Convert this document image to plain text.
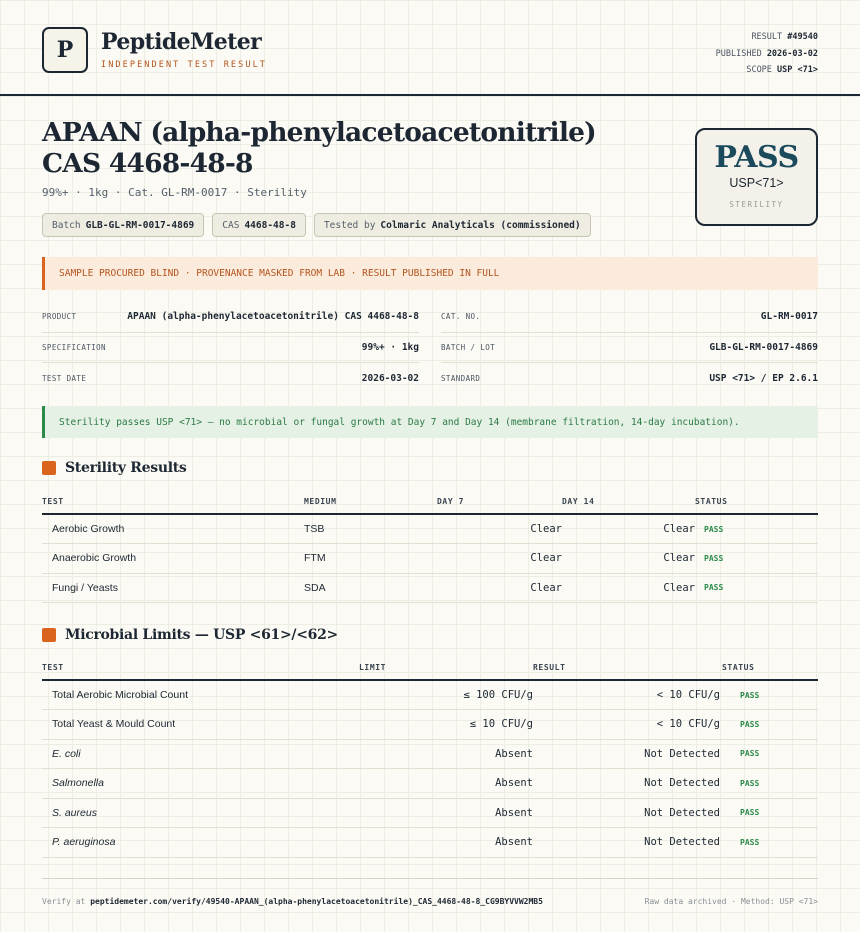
P	PeptideMeter
INDEPENDENT TEST RESULT
RESULT #49540
PUBLISHED 2026-03-02
SCOPE USP <71>
APAAN (alpha-phenylacetoacetonitrile) CAS 4468-48-8
99%+ · 1kg · Cat. GL-RM-0017 · Sterility
Batch GLB-GL-RM-0017-4869	CAS 4468-48-8	Tested by Colmaric Analyticals (commissioned)
PASS
USP<71>
STERILITY
SAMPLE PROCURED BLIND · PROVENANCE MASKED FROM LAB · RESULT PUBLISHED IN FULL
PRODUCT	APAAN (alpha-phenylacetoacetonitrile) CAS 4468-48-8
SPECIFICATION	99%+ · 1kg
TEST DATE	2026-03-02
CAT. NO.	GL-RM-0017
BATCH / LOT	GLB-GL-RM-0017-4869
STANDARD	USP <71> / EP 2.6.1
Sterility passes USP <71> — no microbial or fungal growth at Day 7 and Day 14 (membrane filtration, 14-day incubation).
Sterility Results
TEST	MEDIUM	DAY 7	DAY 14	STATUS
Aerobic Growth	TSB	Clear	Clear	PASS
Anaerobic Growth	FTM	Clear	Clear	PASS
Fungi / Yeasts	SDA	Clear	Clear	PASS
Microbial Limits — USP <61>/<62>
TEST	LIMIT	RESULT	STATUS
Total Aerobic Microbial Count	≤ 100 CFU/g	< 10 CFU/g	PASS
Total Yeast & Mould Count	≤ 10 CFU/g	< 10 CFU/g	PASS
E. coli	Absent	Not Detected	PASS
Salmonella	Absent	Not Detected	PASS
S. aureus	Absent	Not Detected	PASS
P. aeruginosa	Absent	Not Detected	PASS
Verify at peptidemeter.com/verify/49540-APAAN_(alpha-phenylacetoacetonitrile)_CAS_4468-48-8_CG9BYVVW2MB5	Raw data archived · Method: USP <71>
